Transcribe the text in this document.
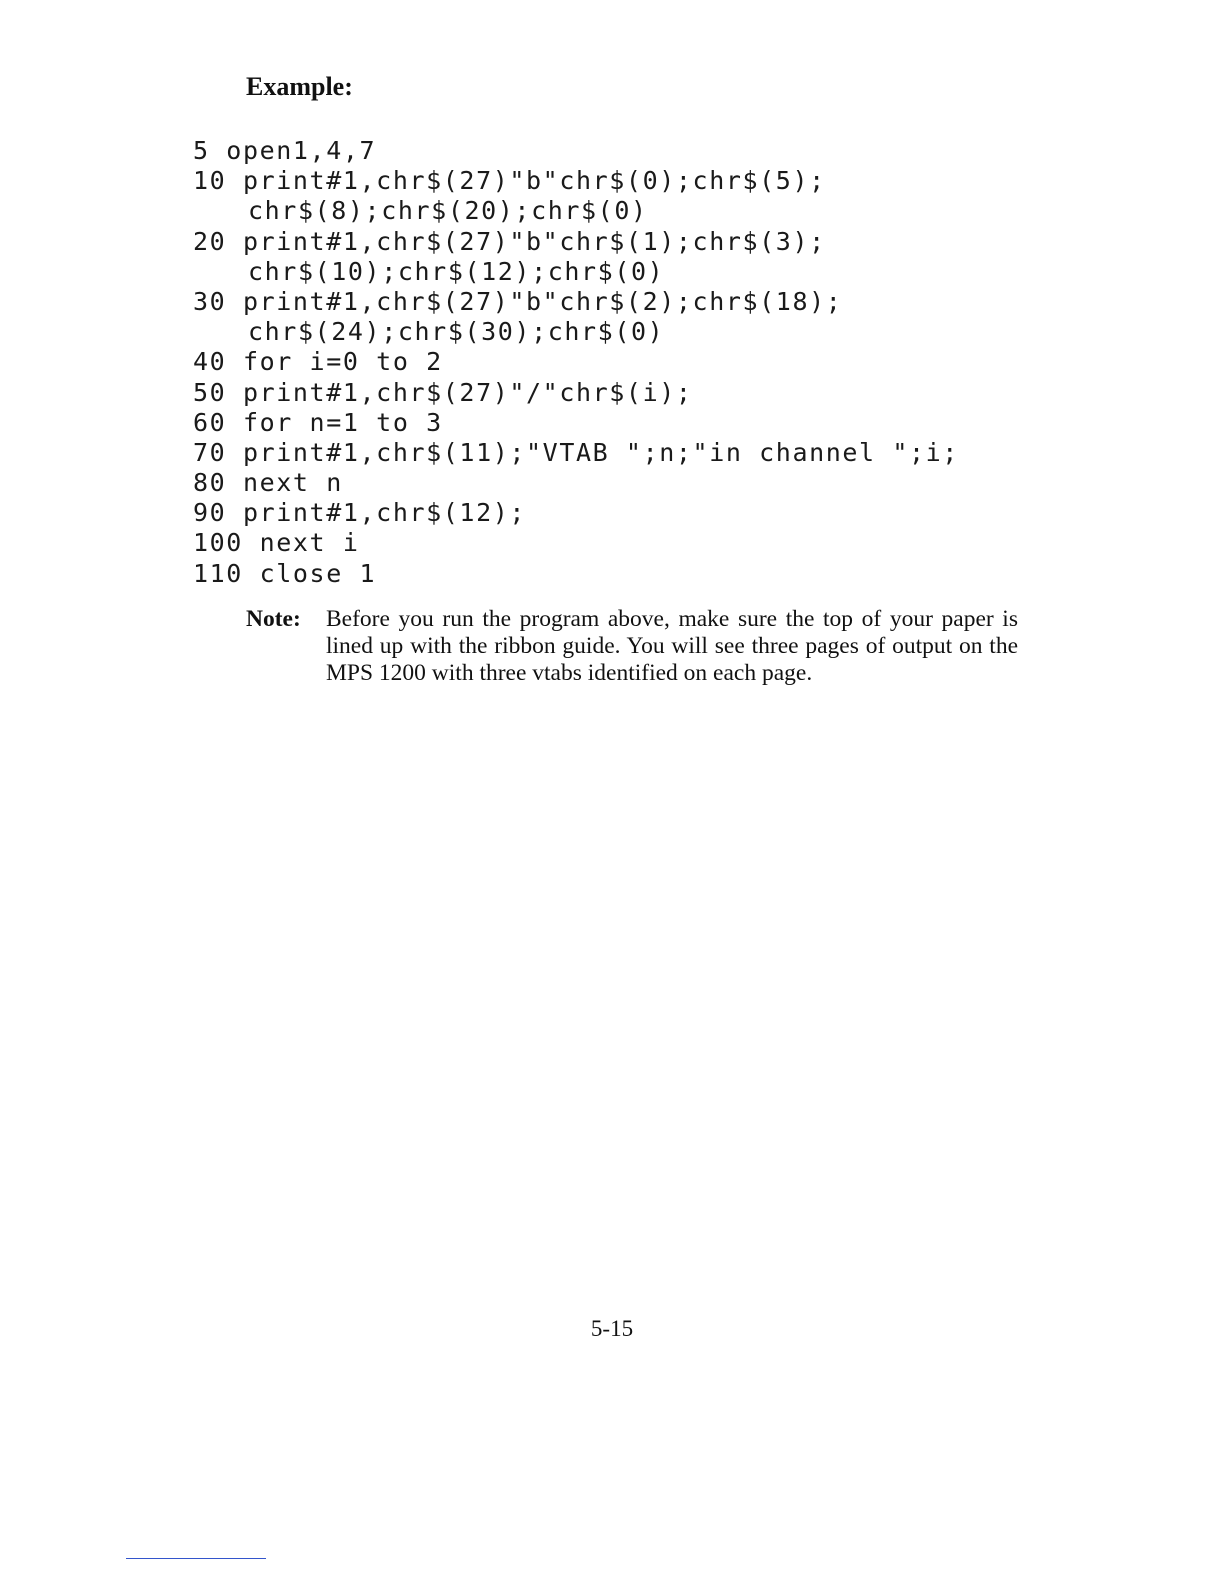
Example:
5 open1,4,7
10 print#1,chr$(27)"b"chr$(0);chr$(5);
chr$(8);chr$(20);chr$(0)
20 print#1,chr$(27)"b"chr$(1);chr$(3);
chr$(10);chr$(12);chr$(0)
30 print#1,chr$(27)"b"chr$(2);chr$(18);
chr$(24);chr$(30);chr$(0)
40 for i=0 to 2
50 print#1,chr$(27)"/"chr$(i);
60 for n=1 to 3
70 print#1,chr$(11);"VTAB ";n;"in channel ";i;
80 next n
90 print#1,chr$(12);
100 next i
110 close 1
Note:	Before you run the program above, make sure the top of your paper is lined up with the ribbon guide. You will see three pages of output on the MPS 1200 with three vtabs identified on each page.
5-15
